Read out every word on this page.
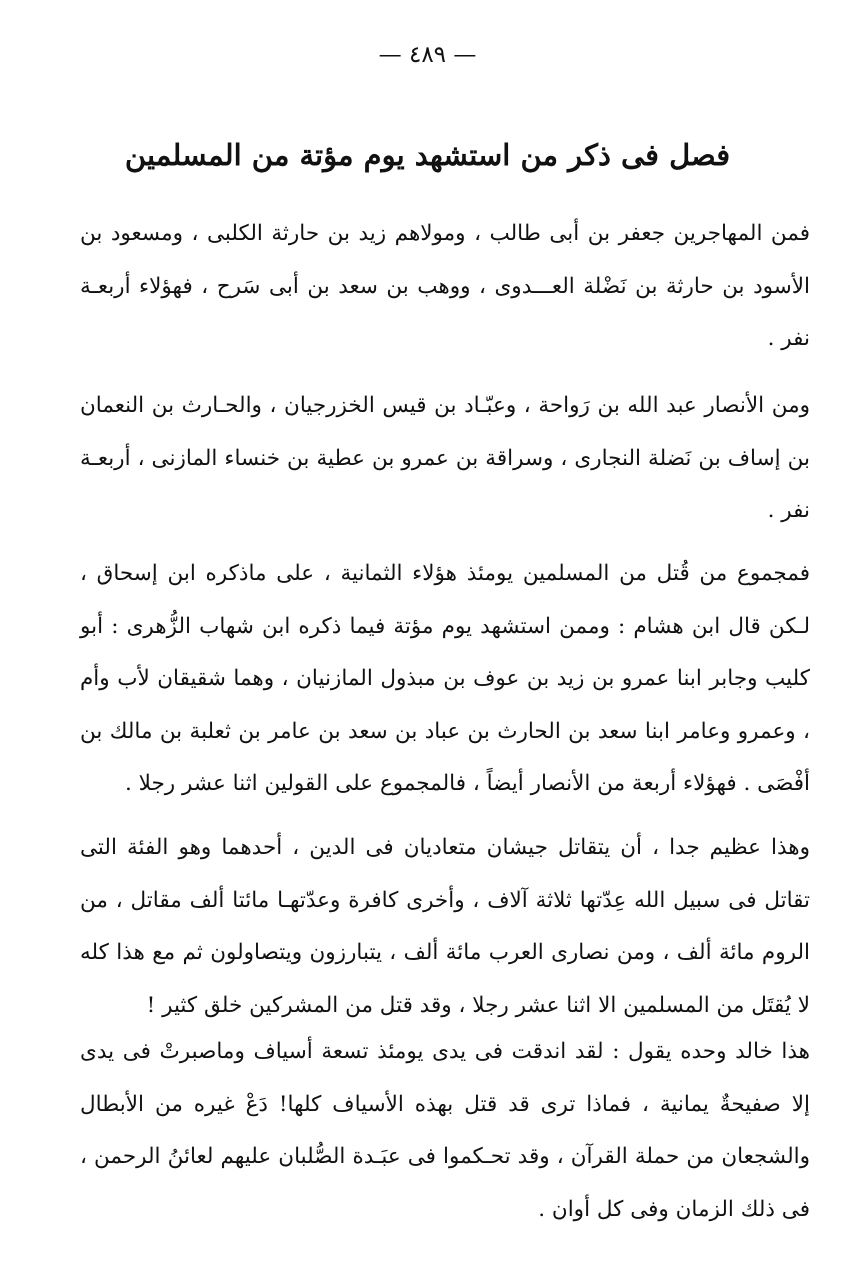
— ٤٨٩ —
فصل فى ذكر من استشهد يوم مؤتة من المسلمين

فمن المهاجرين جعفر بن أبى طالب ، ومولاهم زيد بن حارثة الكلبى ، ومسعود بن الأسود بن حارثة بن نَضْلة العـــدوى ، ووهب بن سعد بن أبى سَرح ، فهؤلاء أربعـة نفر .

ومن الأنصار عبد الله بن رَواحة ، وعبّـاد بن قيس الخزرجيان ، والحـارث بن النعمان بن إساف بن نَضلة النجارى ، وسراقة بن عمرو بن عطية بن خنساء المازنى ، أربعـة نفر .

فمجموع من قُتل من المسلمين يومئذ هؤلاء الثمانية ، على ماذكره ابن إسحاق ، لـكن قال ابن هشام : وممن استشهد يوم مؤتة فيما ذكره ابن شهاب الزُّهرى : أبو كليب وجابر ابنا عمرو بن زيد بن عوف بن مبذول المازنيان ، وهما شقيقان لأب وأم ، وعمرو وعامر ابنا سعد بن الحارث بن عباد بن سعد بن عامر بن ثعلبة بن مالك بن أفْصَى . فهؤلاء أربعة من الأنصار أيضاً ، فالمجموع على القولين اثنا عشر رجلا .

وهذا عظيم جدا ، أن يتقاتل جيشان متعاديان فى الدين ، أحدهما وهو الفئة التى تقاتل فى سبيل الله عِدّتها ثلاثة آلاف ، وأخرى كافرة وعدّتهـا مائتا ألف مقاتل ، من الروم مائة ألف ، ومن نصارى العرب مائة ألف ، يتبارزون ويتصاولون ثم مع هذا كله لا يُقتَل من المسلمين الا اثنا عشر رجلا ، وقد قتل من المشركين خلق كثير !

هذا خالد وحده يقول : لقد اندقت فى يدى يومئذ تسعة أسياف وماصبرتْ فى يدى إلا صفيحةٌ يمانية ، فماذا ترى قد قتل بهذه الأسياف كلها! دَعْ غيره من الأبطال والشجعان من حملة القرآن ، وقد تحـكموا فى عبَـدة الصُّلبان عليهم لعائنُ الرحمن ، فى ذلك الزمان وفى كل أوان .
